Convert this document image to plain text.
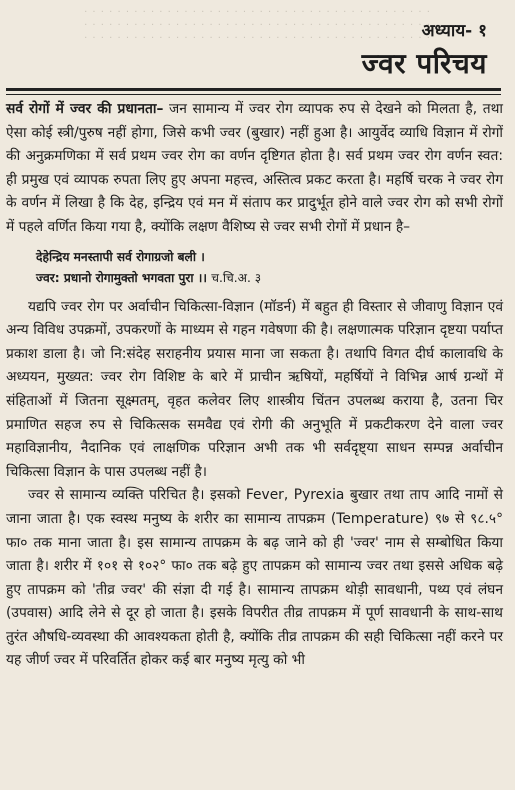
· · · · · · · · · · · · · · · · · · · · · · · · · · · · · · · · · · · · · · · · · ·
· · · · · · · · · · · · · · · · · · · · · · · · · · · · · · · · · · · · · · · · · ·
· · · · · · · · · · · · · · · · · · · · · · · · · · · · · · · · · · · · · · · · · ·
अध्याय- १
ज्वर परिचय

सर्व रोगों में ज्वर की प्रधानता– जन सामान्य में ज्वर रोग व्यापक रुप से देखने को मिलता है, तथा ऐसा कोई स्त्री/पुरुष नहीं होगा, जिसे कभी ज्वर (बुखार) नहीं हुआ है। आयुर्वेद व्याधि विज्ञान में रोगों की अनुक्रमणिका में सर्व प्रथम ज्वर रोग का वर्णन दृष्टिगत होता है। सर्व प्रथम ज्वर रोग वर्णन स्वत: ही प्रमुख एवं व्यापक रुपता लिए हुए अपना महत्त्व, अस्तित्व प्रकट करता है। महर्षि चरक ने ज्वर रोग के वर्णन में लिखा है कि देह, इन्द्रिय एवं मन में संताप कर प्रादुर्भूत होने वाले ज्वर रोग को सभी रोगों में पहले वर्णित किया गया है, क्योंकि लक्षण वैशिष्य से ज्वर सभी रोगों में प्रधान है–

देहेन्द्रिय मनस्तापी सर्व रोगाग्रजो बली ।
ज्वर: प्रधानो रोगामुक्तो भगवता पुरा ।। च.चि.अ. ३

यद्यपि ज्वर रोग पर अर्वाचीन चिकित्सा-विज्ञान (मॉडर्न) में बहुत ही विस्तार से जीवाणु विज्ञान एवं अन्य विविध उपक्रमों, उपकरणों के माध्यम से गहन गवेषणा की है। लक्षणात्मक परिज्ञान दृष्टया पर्याप्त प्रकाश डाला है। जो नि:संदेह सराहनीय प्रयास माना जा सकता है। तथापि विगत दीर्घ कालावधि के अध्ययन, मुख्यत: ज्वर रोग विशिष्ट के बारे में प्राचीन ऋषियों, महर्षियों ने विभिन्न आर्ष ग्रन्थों में संहिताओं में जितना सूक्ष्मतम्, वृहत कलेवर लिए शास्त्रीय चिंतन उपलब्ध कराया है, उतना चिर प्रमाणित सहज रुप से चिकित्सक समवैद्य एवं रोगी की अनुभूति में प्रकटीकरण देने वाला ज्वर महाविज्ञानीय, नैदानिक एवं लाक्षणिक परिज्ञान अभी तक भी सर्वदृष्ट्या साधन सम्पन्न अर्वाचीन चिकित्सा विज्ञान के पास उपलब्ध नहीं है।

ज्वर से सामान्य व्यक्ति परिचित है। इसको Fever, Pyrexia बुखार तथा ताप आदि नामों से जाना जाता है। एक स्वस्थ मनुष्य के शरीर का सामान्य तापक्रम (Temperature) ९७ से ९८.५° फा० तक माना जाता है। इस सामान्य तापक्रम के बढ़ जाने को ही 'ज्वर' नाम से सम्बोधित किया जाता है। शरीर में १०१ से १०२° फा० तक बढ़े हुए तापक्रम को सामान्य ज्वर तथा इससे अधिक बढ़े हुए तापक्रम को 'तीव्र ज्वर' की संज्ञा दी गई है। सामान्य तापक्रम थोड़ी सावधानी, पथ्य एवं लंघन (उपवास) आदि लेने से दूर हो जाता है। इसके विपरीत तीव्र तापक्रम में पूर्ण सावधानी के साथ-साथ तुरंत औषधि-व्यवस्था की आवश्यकता होती है, क्योंकि तीव्र तापक्रम की सही चिकित्सा नहीं करने पर यह जीर्ण ज्वर में परिवर्तित होकर कई बार मनुष्य मृत्यु को भी
